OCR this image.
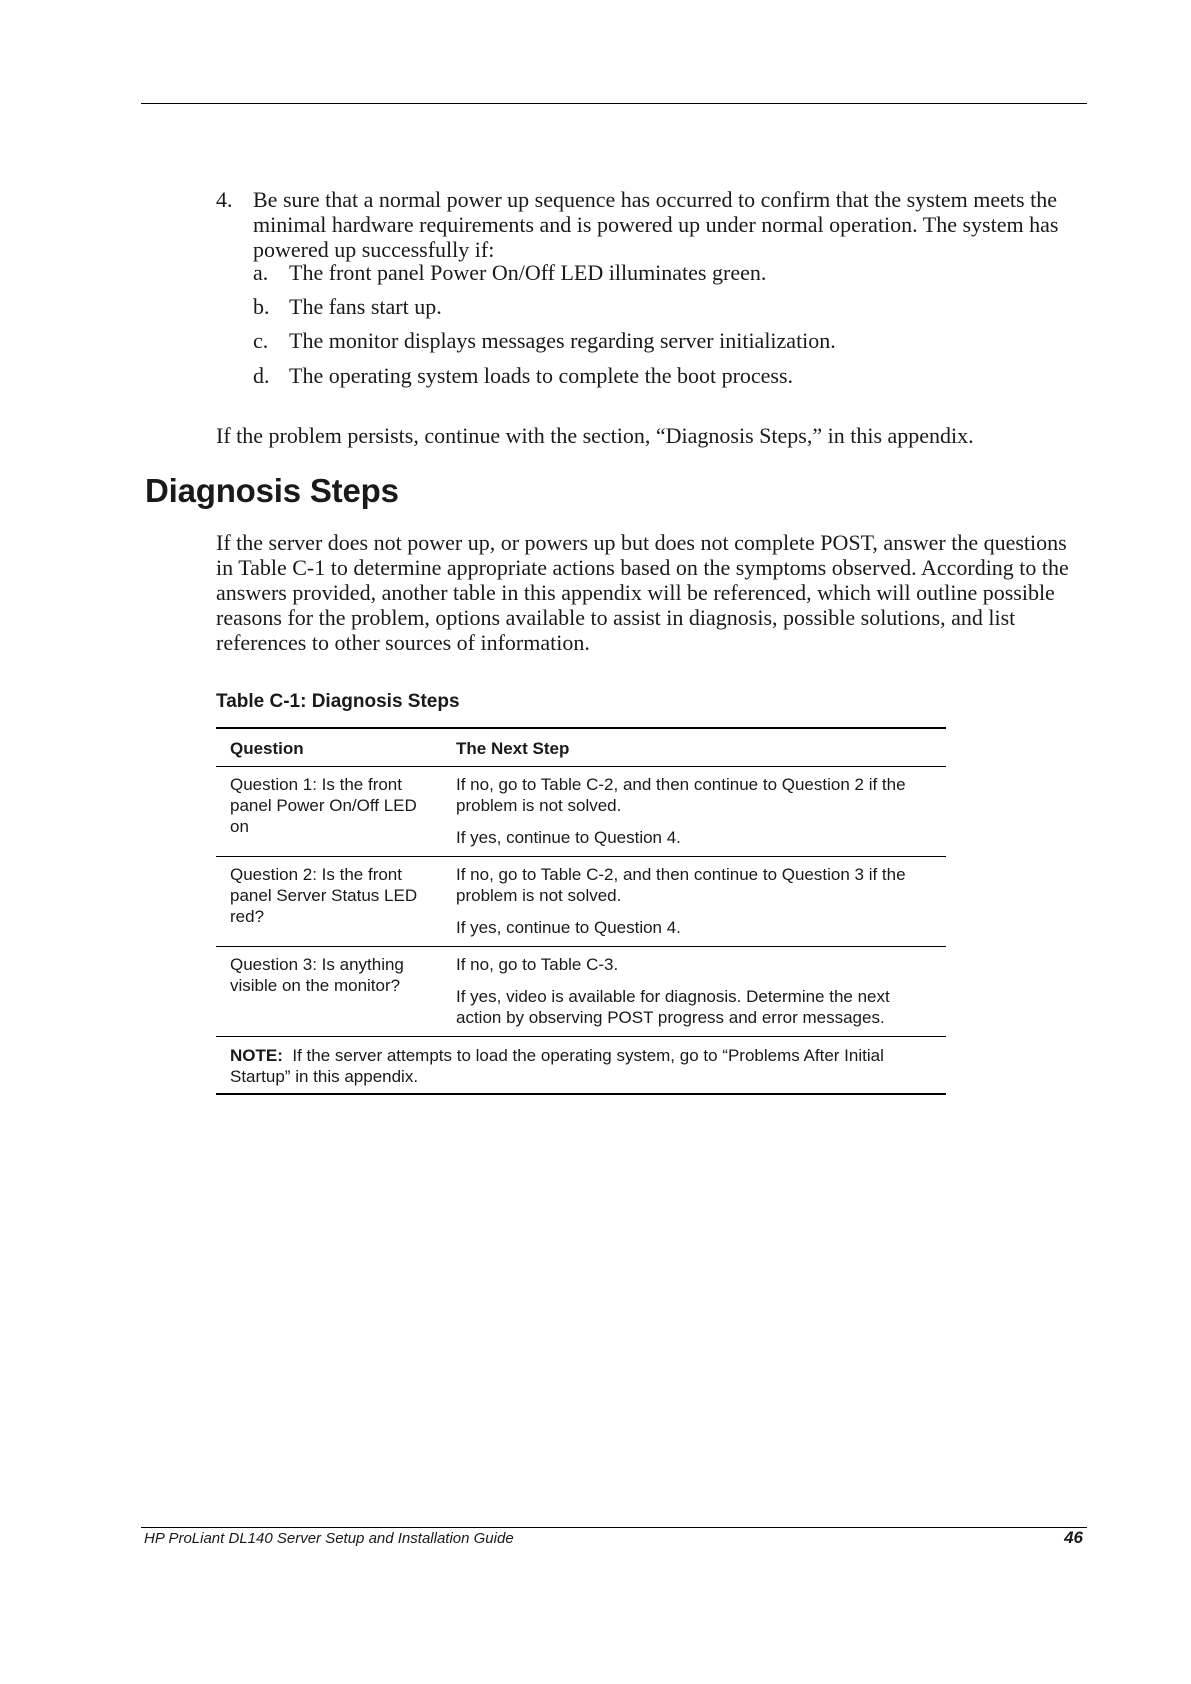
4. Be sure that a normal power up sequence has occurred to confirm that the system meets the minimal hardware requirements and is powered up under normal operation. The system has powered up successfully if:
a. The front panel Power On/Off LED illuminates green.
b. The fans start up.
c. The monitor displays messages regarding server initialization.
d. The operating system loads to complete the boot process.
If the problem persists, continue with the section, “Diagnosis Steps,” in this appendix.
Diagnosis Steps
If the server does not power up, or powers up but does not complete POST, answer the questions in Table C-1 to determine appropriate actions based on the symptoms observed. According to the answers provided, another table in this appendix will be referenced, which will outline possible reasons for the problem, options available to assist in diagnosis, possible solutions, and list references to other sources of information.
Table C-1: Diagnosis Steps
Question	The Next Step
Question 1: Is the front panel Power On/Off LED on	If no, go to Table C-2, and then continue to Question 2 if the problem is not solved.

If yes, continue to Question 4.

Question 2: Is the front panel Server Status LED red?	If no, go to Table C-2, and then continue to Question 3 if the problem is not solved.

If yes, continue to Question 4.

Question 3: Is anything visible on the monitor?	If no, go to Table C-3.

If yes, video is available for diagnosis. Determine the next action by observing POST progress and error messages.

NOTE: If the server attempts to load the operating system, go to “Problems After Initial Startup” in this appendix.	
HP ProLiant DL140 Server Setup and Installation Guide	46
